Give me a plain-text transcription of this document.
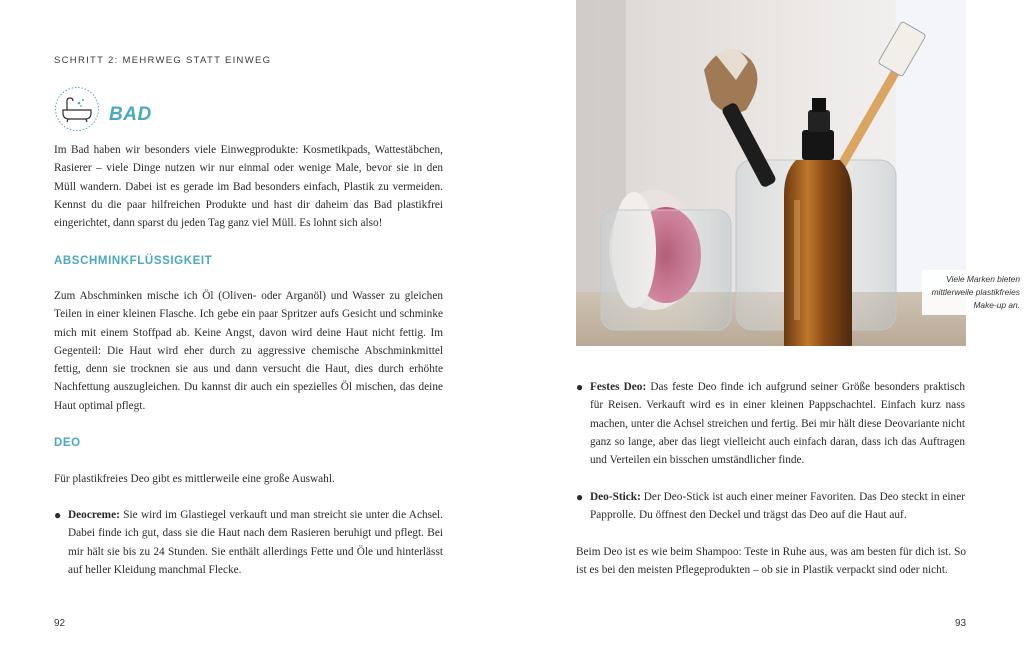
SCHRITT 2: MEHRWEG STATT EINWEG
BAD

Im Bad haben wir besonders viele Einwegprodukte: Kosmetikpads, Wattestäbchen, Rasierer – viele Dinge nutzen wir nur einmal oder wenige Male, bevor sie in den Müll wandern. Dabei ist es gerade im Bad besonders einfach, Plastik zu vermeiden. Kennst du die paar hilfreichen Produkte und hast dir daheim das Bad plastikfrei eingerichtet, dann sparst du jeden Tag ganz viel Müll. Es lohnt sich also!

ABSCHMINKFLÜSSIGKEIT

Zum Abschminken mische ich Öl (Oliven- oder Arganöl) und Wasser zu gleichen Teilen in einer kleinen Flasche. Ich gebe ein paar Spritzer aufs Gesicht und schminke mich mit einem Stoffpad ab. Keine Angst, davon wird deine Haut nicht fettig. Im Gegenteil: Die Haut wird eher durch zu aggressive chemische Abschminkmittel fettig, denn sie trocknen sie aus und dann versucht die Haut, dies durch erhöhte Nachfettung auszugleichen. Du kannst dir auch ein spezielles Öl mischen, das deine Haut optimal pflegt.

DEO

Für plastikfreies Deo gibt es mittlerweile eine große Auswahl.

● Deocreme: Sie wird im Glastiegel verkauft und man streicht sie unter die Achsel. Dabei finde ich gut, dass sie die Haut nach dem Rasieren beruhigt und pflegt. Bei mir hält sie bis zu 24 Stunden. Sie enthält allerdings Fette und Öle und hinterlässt auf heller Kleidung manchmal Flecke.

92
Viele Marken bieten mittlerweile plastikfreies Make-up an.

● Festes Deo: Das feste Deo finde ich aufgrund seiner Größe besonders praktisch für Reisen. Verkauft wird es in einer kleinen Pappschachtel. Einfach kurz nass machen, unter die Achsel streichen und fertig. Bei mir hält diese Deovariante nicht ganz so lange, aber das liegt vielleicht auch einfach daran, dass ich das Auftragen und Verteilen ein bisschen umständlicher finde.

● Deo-Stick: Der Deo-Stick ist auch einer meiner Favoriten. Das Deo steckt in einer Papprolle. Du öffnest den Deckel und trägst das Deo auf die Haut auf.

Beim Deo ist es wie beim Shampoo: Teste in Ruhe aus, was am besten für dich ist. So ist es bei den meisten Pflegeprodukten – ob sie in Plastik verpackt sind oder nicht.

93
